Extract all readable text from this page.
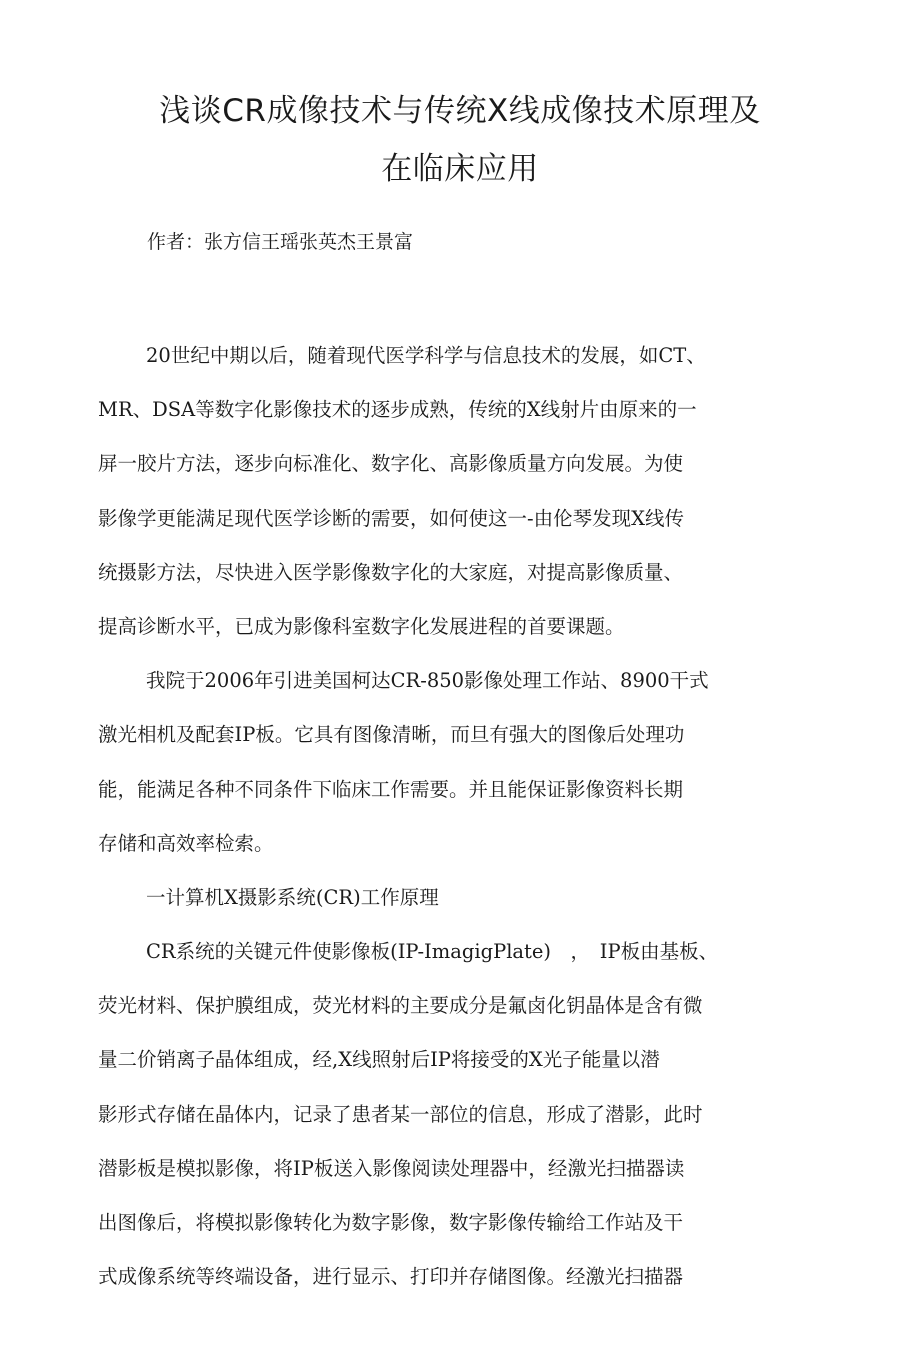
浅谈CR成像技术与传统X线成像技术原理及
在临床应用

作者：张方信王瑶张英杰王景富

20世纪中期以后，随着现代医学科学与信息技术的发展，如CT、
MR、DSA等数字化影像技术的逐步成熟，传统的X线射片由原来的一
屏一胶片方法，逐步向标准化、数字化、高影像质量方向发展。为使
影像学更能满足现代医学诊断的需要，如何使这一-由伦琴发现X线传
统摄影方法，尽快进入医学影像数字化的大家庭，对提高影像质量、
提高诊断水平，已成为影像科室数字化发展进程的首要课题。
我院于2006年引进美国柯达CR-850影像处理工作站、8900干式
激光相机及配套IP板。它具有图像清晰，而旦有强大的图像后处理功
能，能满足各种不同条件下临床工作需要。并且能保证影像资料长期
存储和高效率检索。
一计算机X摄影系统(CR)工作原理
CR系统的关键元件使影像板(IP-ImagigPlate)　，　IP板由基板、
荧光材料、保护膜组成，荧光材料的主要成分是氟卤化钥晶体是含有微
量二价销离子晶体组成，经,X线照射后IP将接受的X光子能量以潜
影形式存储在晶体内，记录了患者某一部位的信息，形成了潜影，此时
潜影板是模拟影像，将IP板送入影像阅读处理器中，经激光扫描器读
出图像后，将模拟影像转化为数字影像，数字影像传输给工作站及干
式成像系统等终端设备，进行显示、打印并存储图像。经激光扫描器
